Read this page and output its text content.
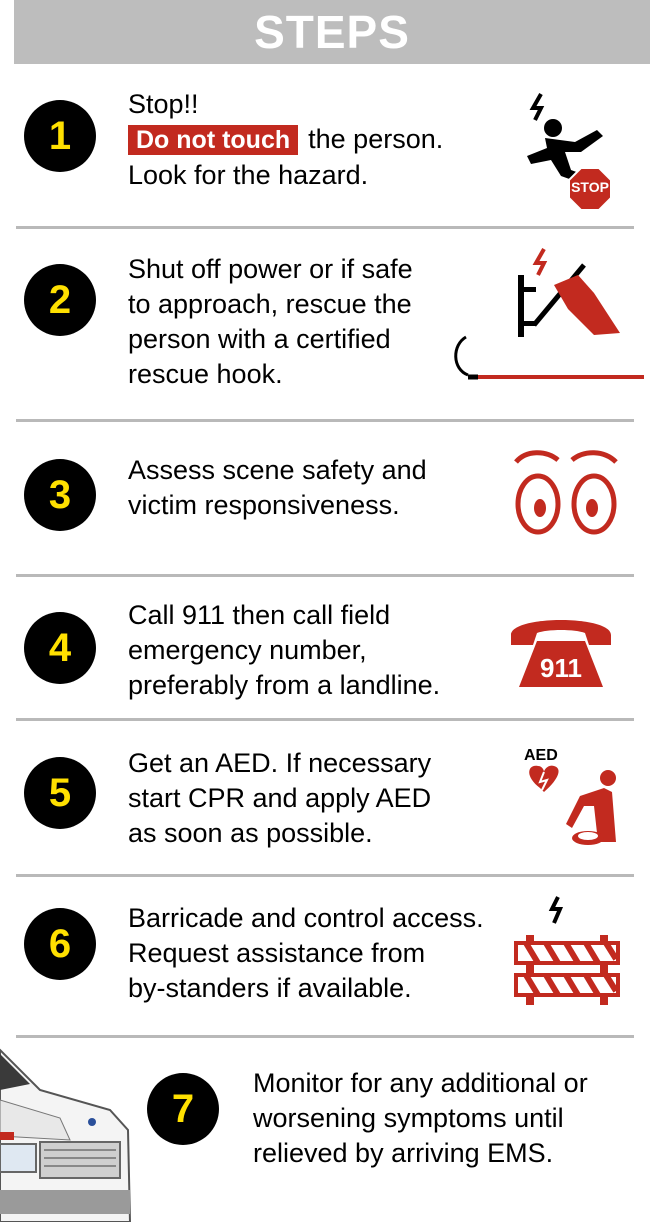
STEPS
1
Stop!!
Do not touch the person.
Look for the hazard.	STOP
2
Shut off power or if safe
to approach, rescue the
person with a certified
rescue hook.
3
Assess scene safety and
victim responsiveness.
4
Call 911 then call field
emergency number,
preferably from a landline.
911
5
Get an AED. If necessary
start CPR and apply AED
as soon as possible.
AED
6
Barricade and control access.
Request assistance from
by-standers if available.
7
Monitor for any additional or
worsening symptoms until
relieved by arriving EMS.
